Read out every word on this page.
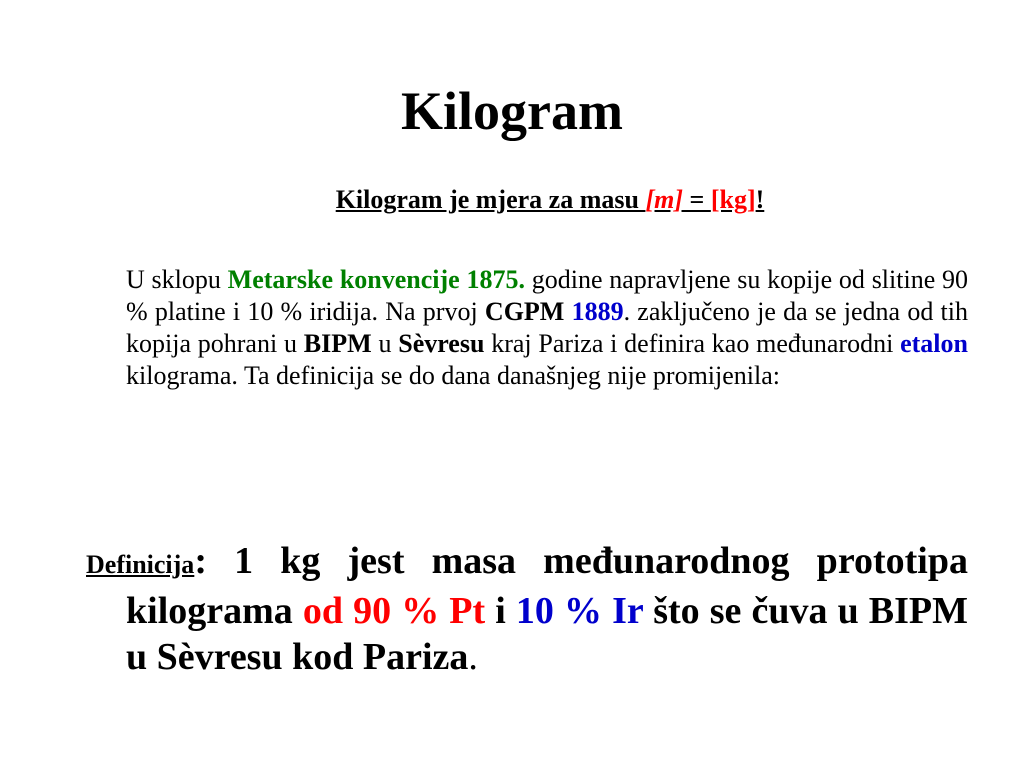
Kilogram
Kilogram je mjera za masu [m] = [kg]!
U sklopu Metarske konvencije 1875. godine napravljene su kopije od slitine 90 % platine i 10 % iridija. Na prvoj CGPM 1889. zaključeno je da se jedna od tih kopija pohrani u BIPM u Sèvresu kraj Pariza i definira kao međunarodni etalon kilograma. Ta definicija se do dana današnjeg nije promijenila:
Definicija: 1 kg jest masa međunarodnog prototipa kilograma od 90 % Pt i 10 % Ir što se čuva u BIPM u Sèvresu kod Pariza.
